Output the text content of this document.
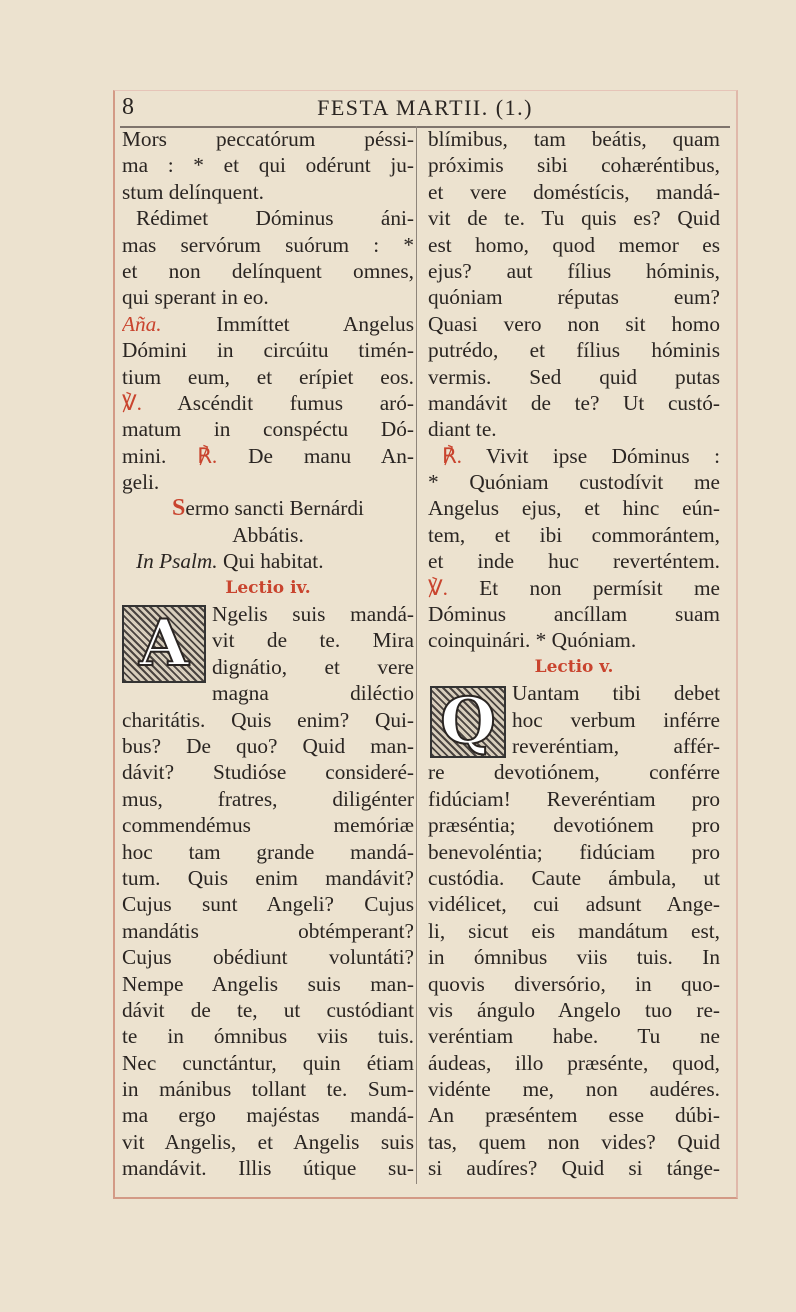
8	FESTA MARTII. (1.)
Mors peccatórum péssi-
ma : * et qui odérunt ju-
stum delínquent.
Rédimet Dóminus áni-
mas servórum suórum : *
et non delínquent omnes,
qui sperant in eo.
Aña.	Immíttet Angelus
Dómini in circúitu timén-
tium eum, et erípiet eos.
℣. Ascéndit fumus aró-
matum in conspéctu Dó-
mini. ℟. De manu An-
geli.
Sermo sancti Bernárdi
Abbátis.
In Psalm. Qui habitat.
Lectio iv.
A Ngelis suis mandá-
vit de te. Mira
dignátio, et vere
magna diléctio
charitátis. Quis enim? Qui-
bus? De quo? Quid man-
dávit? Studióse consideré-
mus, fratres, diligénter
commendémus memóriæ
hoc tam grande mandá-
tum. Quis enim mandávit?
Cujus sunt Angeli? Cujus
mandátis obtémperant?
Cujus obédiunt voluntáti?
Nempe Angelis suis man-
dávit de te, ut custódiant
te in ómnibus viis tuis.
Nec cunctántur, quin étiam
in mánibus tollant te. Sum-
ma ergo majéstas mandá-
vit Angelis, et Angelis suis
mandávit. Illis útique su-
blímibus, tam beátis, quam
próximis sibi cohæréntibus,
et vere doméstícis, mandá-
vit de te. Tu quis es? Quid
est homo, quod memor es
ejus? aut fílius hóminis,
quóniam réputas eum?
Quasi vero non sit homo
putrédo, et fílius hóminis
vermis. Sed quid putas
mandávit de te? Ut custó-
diant te.
℟. Vivit ipse Dóminus :
* Quóniam custodívit me
Angelus ejus, et hinc eún-
tem, et ibi commorántem,
et inde huc reverténtem.
℣. Et non permísit me
Dóminus ancíllam suam
coinquinári. * Quóniam.
Lectio v.
Q Uantam tibi debet
hoc verbum inférre
reveréntiam, affér-
re devotiónem, conférre
fidúciam! Reveréntiam pro
præséntia; devotiónem pro
benevoléntia; fidúciam pro
custódia. Caute ámbula, ut
vidélicet, cui adsunt Ange-
li, sicut eis mandátum est,
in ómnibus viis tuis. In
quovis diversório, in quo-
vis ángulo Angelo tuo re-
veréntiam habe. Tu ne
áudeas, illo præsénte, quod,
vidénte me, non audéres.
An præséntem esse dúbi-
tas, quem non vides? Quid
si audíres? Quid si tánge-
